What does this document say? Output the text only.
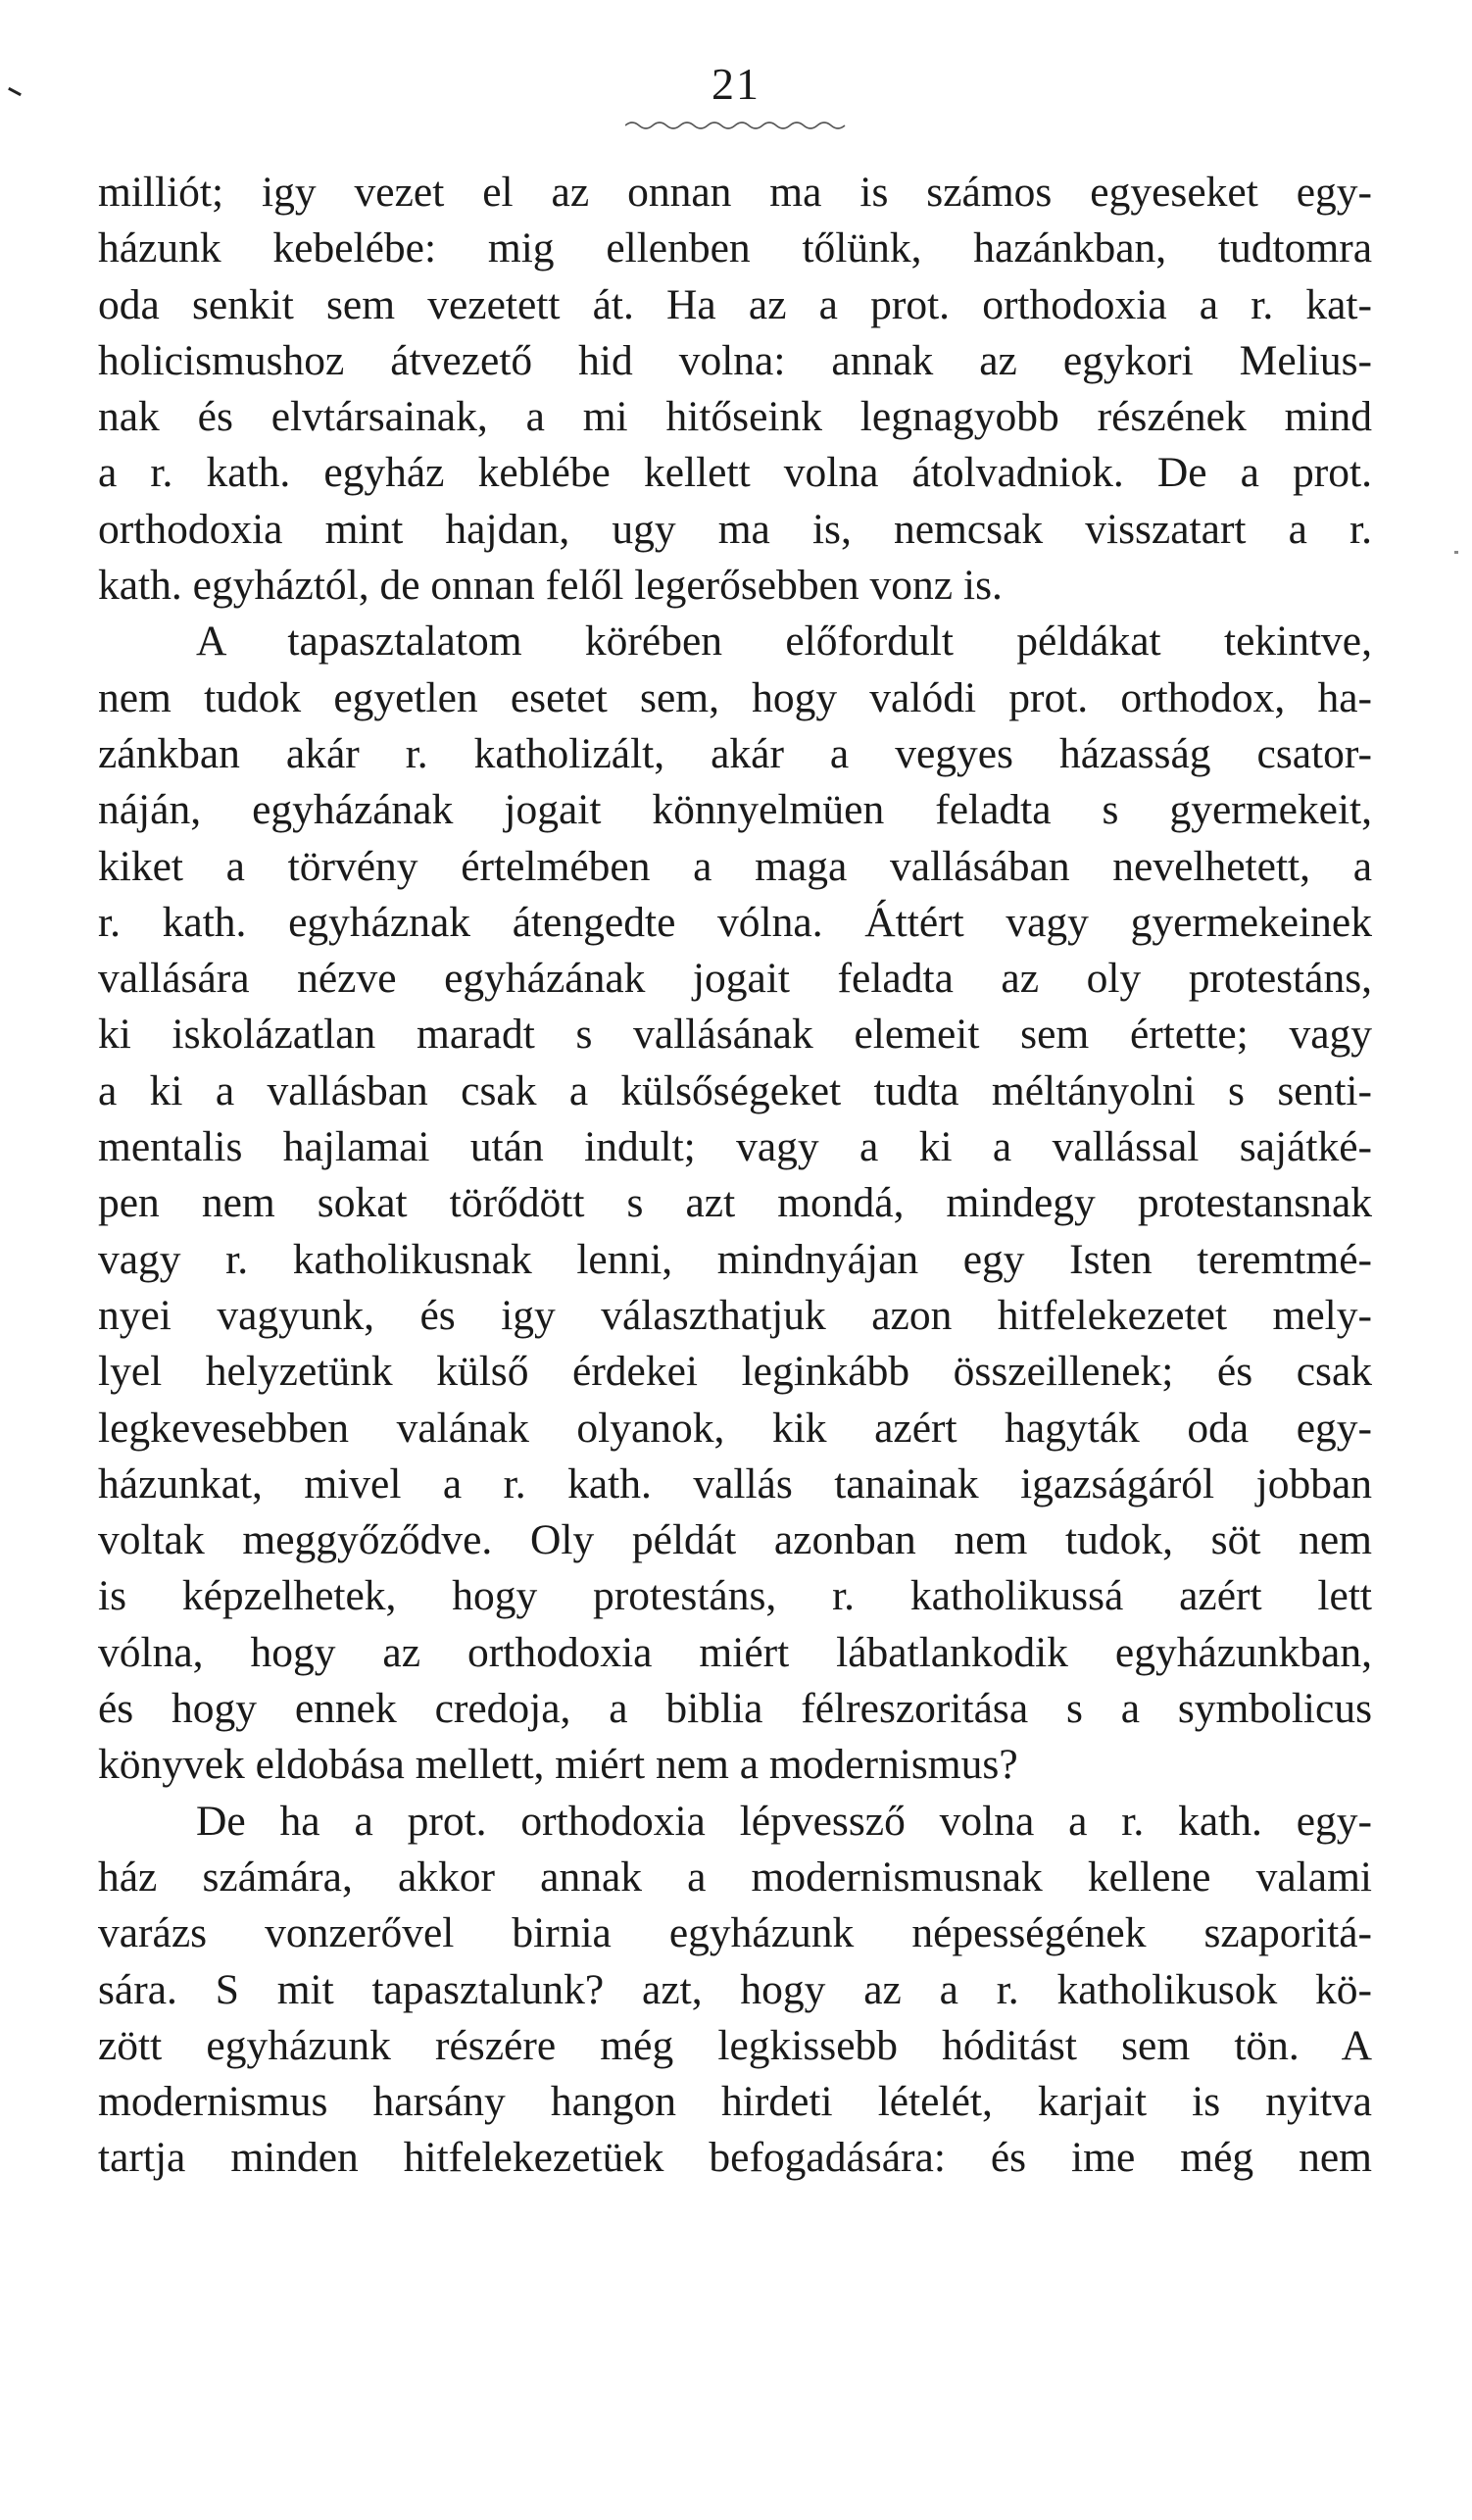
21
milliót; igy vezet el az onnan ma is számos egyeseket egy-
házunk kebelébe: mig ellenben tőlünk, hazánkban, tudtomra
oda senkit sem vezetett át. Ha az a prot. orthodoxia a r. kat-
holicismushoz átvezető hid volna: annak az egykori Melius-
nak és elvtársainak, a mi hitőseink legnagyobb részének mind
a r. kath. egyház keblébe kellett volna átolvadniok. De a prot.
orthodoxia mint hajdan, ugy ma is, nemcsak visszatart a r.
kath. egyháztól, de onnan felől legerősebben vonz is.
A tapasztalatom körében előfordult példákat tekintve,
nem tudok egyetlen esetet sem, hogy valódi prot. orthodox, ha-
zánkban akár r. katholizált, akár a vegyes házasság csator-
náján, egyházának jogait könnyelmüen feladta s gyermekeit,
kiket a törvény értelmében a maga vallásában nevelhetett, a
r. kath. egyháznak átengedte vólna. Áttért vagy gyermekeinek
vallására nézve egyházának jogait feladta az oly protestáns,
ki iskolázatlan maradt s vallásának elemeit sem értette; vagy
a ki a vallásban csak a külsőségeket tudta méltányolni s senti-
mentalis hajlamai után indult; vagy a ki a vallással sajátké-
pen nem sokat törődött s azt mondá, mindegy protestansnak
vagy r. katholikusnak lenni, mindnyájan egy Isten teremtmé-
nyei vagyunk, és igy választhatjuk azon hitfelekezetet mely-
lyel helyzetünk külső érdekei leginkább összeillenek; és csak
legkevesebben valának olyanok, kik azért hagyták oda egy-
házunkat, mivel a r. kath. vallás tanainak igazságáról jobban
voltak meggyőződve. Oly példát azonban nem tudok, söt nem
is képzelhetek, hogy protestáns, r. katholikussá azért lett
vólna, hogy az orthodoxia miért lábatlankodik egyházunkban,
és hogy ennek credoja, a biblia félreszoritása s a symbolicus
könyvek eldobása mellett, miért nem a modernismus?
De ha a prot. orthodoxia lépvessző volna a r. kath. egy-
ház számára, akkor annak a modernismusnak kellene valami
varázs vonzerővel birnia egyházunk népességének szaporitá-
sára. S mit tapasztalunk? azt, hogy az a r. katholikusok kö-
zött egyházunk részére még legkissebb hóditást sem tön. A
modernismus harsány hangon hirdeti lételét, karjait is nyitva
tartja minden hitfelekezetüek befogadására: és ime még nem
